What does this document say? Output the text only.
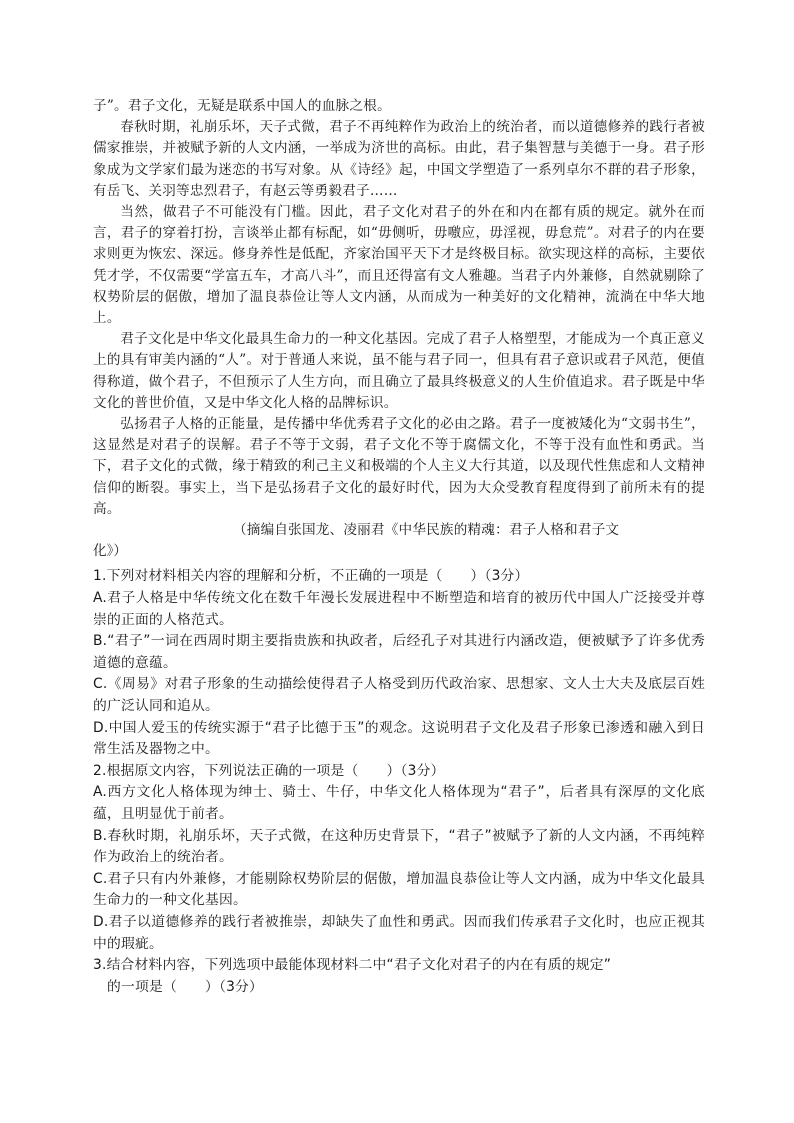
子”。君子文化，无疑是联系中国人的血脉之根。

春秋时期，礼崩乐坏，天子式微，君子不再纯粹作为政治上的统治者，而以道德修养的践行者被儒家推崇，并被赋予新的人文内涵，一举成为济世的高标。由此，君子集智慧与美德于一身。君子形象成为文学家们最为迷恋的书写对象。从《诗经》起，中国文学塑造了一系列卓尔不群的君子形象，有岳飞、关羽等忠烈君子，有赵云等勇毅君子……

当然，做君子不可能没有门槛。因此，君子文化对君子的外在和内在都有质的规定。就外在而言，君子的穿着打扮，言谈举止都有标配，如“毋侧听，毋噭应，毋淫视，毋怠荒”。对君子的内在要求则更为恢宏、深远。修身养性是低配，齐家治国平天下才是终极目标。欲实现这样的高标，主要依凭才学，不仅需要“学富五车，才高八斗”，而且还得富有文人雅趣。当君子内外兼修，自然就剔除了权势阶层的倨傲，增加了温良恭俭让等人文内涵，从而成为一种美好的文化精神，流淌在中华大地上。

君子文化是中华文化最具生命力的一种文化基因。完成了君子人格塑型，才能成为一个真正意义上的具有审美内涵的“人”。对于普通人来说，虽不能与君子同一，但具有君子意识或君子风范，便值得称道，做个君子，不但预示了人生方向，而且确立了最具终极意义的人生价值追求。君子既是中华文化的普世价值，又是中华文化人格的品牌标识。

弘扬君子人格的正能量，是传播中华优秀君子文化的必由之路。君子一度被矮化为“文弱书生”，这显然是对君子的误解。君子不等于文弱，君子文化不等于腐儒文化，不等于没有血性和勇武。当下，君子文化的式微，缘于精致的利己主义和极端的个人主义大行其道，以及现代性焦虑和人文精神信仰的断裂。事实上，当下是弘扬君子文化的最好时代，因为大众受教育程度得到了前所未有的提高。

（摘编自张国龙、凌丽君《中华民族的精魂：君子人格和君子文

化》）

1.下列对材料相关内容的理解和分析，不正确的一项是（　　）（3分）

A.君子人格是中华传统文化在数千年漫长发展进程中不断塑造和培育的被历代中国人广泛接受并尊崇的正面的人格范式。

B.“君子”一词在西周时期主要指贵族和执政者，后经孔子对其进行内涵改造，便被赋予了许多优秀道德的意蕴。

C.《周易》对君子形象的生动描绘使得君子人格受到历代政治家、思想家、文人士大夫及底层百姓的广泛认同和追从。

D.中国人爱玉的传统实源于“君子比德于玉”的观念。这说明君子文化及君子形象已渗透和融入到日常生活及器物之中。

2.根据原文内容，下列说法正确的一项是（　　）（3分）

A.西方文化人格体现为绅士、骑士、牛仔，中华文化人格体现为“君子”，后者具有深厚的文化底蕴，且明显优于前者。

B.春秋时期，礼崩乐坏，天子式微，在这种历史背景下，“君子”被赋予了新的人文内涵，不再纯粹作为政治上的统治者。

C.君子只有内外兼修，才能剔除权势阶层的倨傲，增加温良恭俭让等人文内涵，成为中华文化最具生命力的一种文化基因。

D.君子以道德修养的践行者被推崇，却缺失了血性和勇武。因而我们传承君子文化时，也应正视其中的瑕疵。

3.结合材料内容，下列选项中最能体现材料二中“君子文化对君子的内在有质的规定”

的一项是（　　）（3分）
